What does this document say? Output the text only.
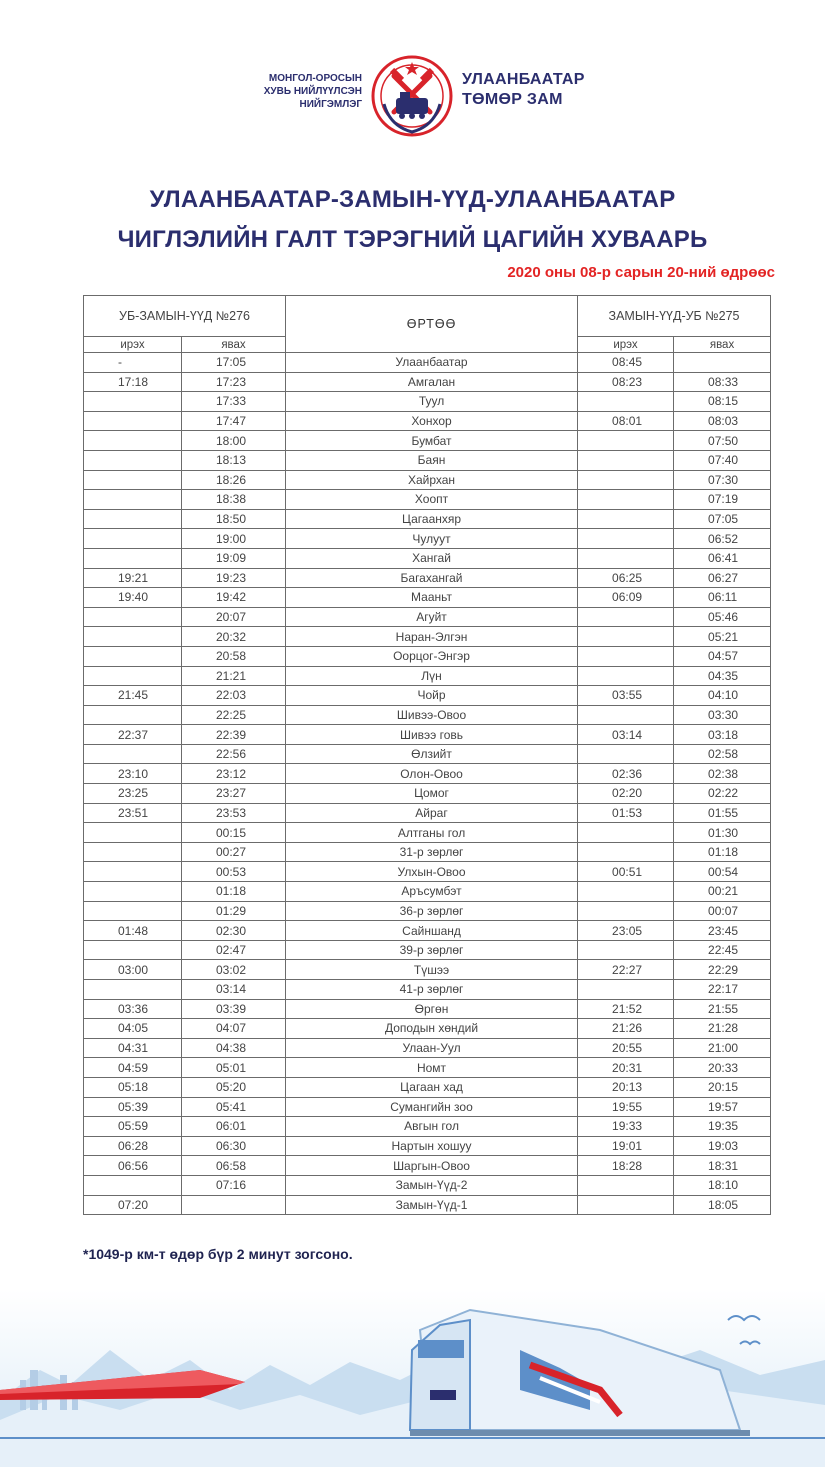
МОНГОЛ-ОРОСЫН
ХУВЬ НИЙЛҮҮЛСЭН
НИЙГЭМЛЭГ
УЛААНБААТАР
ТӨМӨР ЗАМ
УЛААНБААТАР-ЗАМЫН-ҮҮД-УЛААНБААТАР
ЧИГЛЭЛИЙН ГАЛТ ТЭРЭГНИЙ ЦАГИЙН ХУВААРЬ
2020 оны 08-р сарын 20-ний өдрөөс
УБ-ЗАМЫН-ҮҮД №276		ӨРТӨӨ	ЗАМЫН-ҮҮД-УБ №275	
ирэх	явах		ирэх	явах
-	17:05	Улаанбаатар	08:45	
17:18	17:23	Амгалан	08:23	08:33
	17:33	Туул		08:15
	17:47	Хонхор	08:01	08:03
	18:00	Бумбат		07:50
	18:13	Баян		07:40
	18:26	Хайрхан		07:30
	18:38	Хоопт		07:19
	18:50	Цагаанхяр		07:05
	19:00	Чулуут		06:52
	19:09	Хангай		06:41
19:21	19:23	Багахангай	06:25	06:27
19:40	19:42	Мааньт	06:09	06:11
	20:07	Агуйт		05:46
	20:32	Наран-Элгэн		05:21
	20:58	Оорцог-Энгэр		04:57
	21:21	Лүн		04:35
21:45	22:03	Чойр	03:55	04:10
	22:25	Шивээ-Овоо		03:30
22:37	22:39	Шивээ говь	03:14	03:18
	22:56	Өлзийт		02:58
23:10	23:12	Олон-Овоо	02:36	02:38
23:25	23:27	Цомог	02:20	02:22
23:51	23:53	Айраг	01:53	01:55
	00:15	Алтганы гол		01:30
	00:27	31-р зөрлөг		01:18
	00:53	Улхын-Овоо	00:51	00:54
	01:18	Аръсумбэт		00:21
	01:29	36-р зөрлөг		00:07
01:48	02:30	Сайншанд	23:05	23:45
	02:47	39-р зөрлөг		22:45
03:00	03:02	Түшээ	22:27	22:29
	03:14	41-р зөрлөг		22:17
03:36	03:39	Өргөн	21:52	21:55
04:05	04:07	Доподын хөндий	21:26	21:28
04:31	04:38	Улаан-Уул	20:55	21:00
04:59	05:01	Номт	20:31	20:33
05:18	05:20	Цагаан хад	20:13	20:15
05:39	05:41	Сумангийн зоо	19:55	19:57
05:59	06:01	Авгын гол	19:33	19:35
06:28	06:30	Нартын хошуу	19:01	19:03
06:56	06:58	Шаргын-Овоо	18:28	18:31
	07:16	Замын-Үүд-2		18:10
07:20		Замын-Үүд-1		18:05
*1049-р км-т өдөр бүр 2 минут зогсоно.
